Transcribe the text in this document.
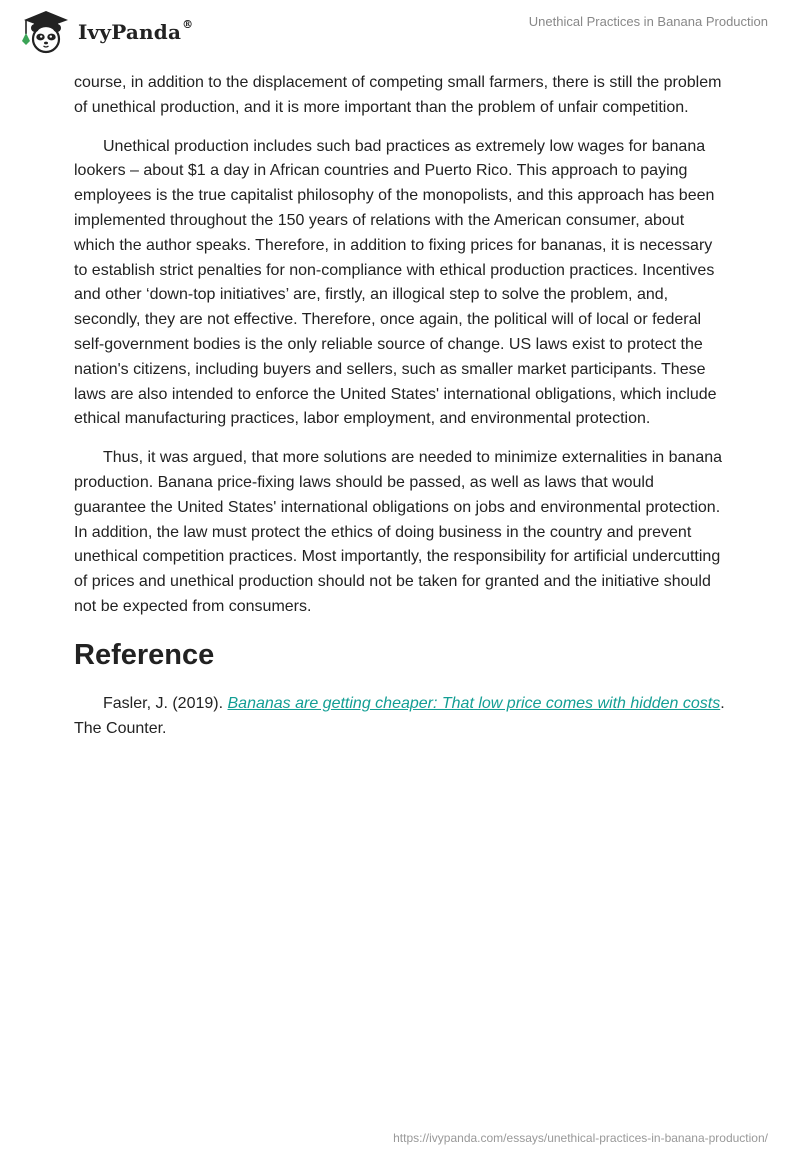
IvyPanda®	Unethical Practices in Banana Production

course, in addition to the displacement of competing small farmers, there is still the problem of unethical production, and it is more important than the problem of unfair competition.

Unethical production includes such bad practices as extremely low wages for banana lookers – about $1 a day in African countries and Puerto Rico. This approach to paying employees is the true capitalist philosophy of the monopolists, and this approach has been implemented throughout the 150 years of relations with the American consumer, about which the author speaks. Therefore, in addition to fixing prices for bananas, it is necessary to establish strict penalties for non-compliance with ethical production practices. Incentives and other ‘down-top initiatives’ are, firstly, an illogical step to solve the problem, and, secondly, they are not effective. Therefore, once again, the political will of local or federal self-government bodies is the only reliable source of change. US laws exist to protect the nation's citizens, including buyers and sellers, such as smaller market participants. These laws are also intended to enforce the United States' international obligations, which include ethical manufacturing practices, labor employment, and environmental protection.

Thus, it was argued, that more solutions are needed to minimize externalities in banana production. Banana price-fixing laws should be passed, as well as laws that would guarantee the United States' international obligations on jobs and environmental protection. In addition, the law must protect the ethics of doing business in the country and prevent unethical competition practices. Most importantly, the responsibility for artificial undercutting of prices and unethical production should not be taken for granted and the initiative should not be expected from consumers.

Reference

Fasler, J. (2019). Bananas are getting cheaper: That low price comes with hidden costs. The Counter.

https://ivypanda.com/essays/unethical-practices-in-banana-production/
